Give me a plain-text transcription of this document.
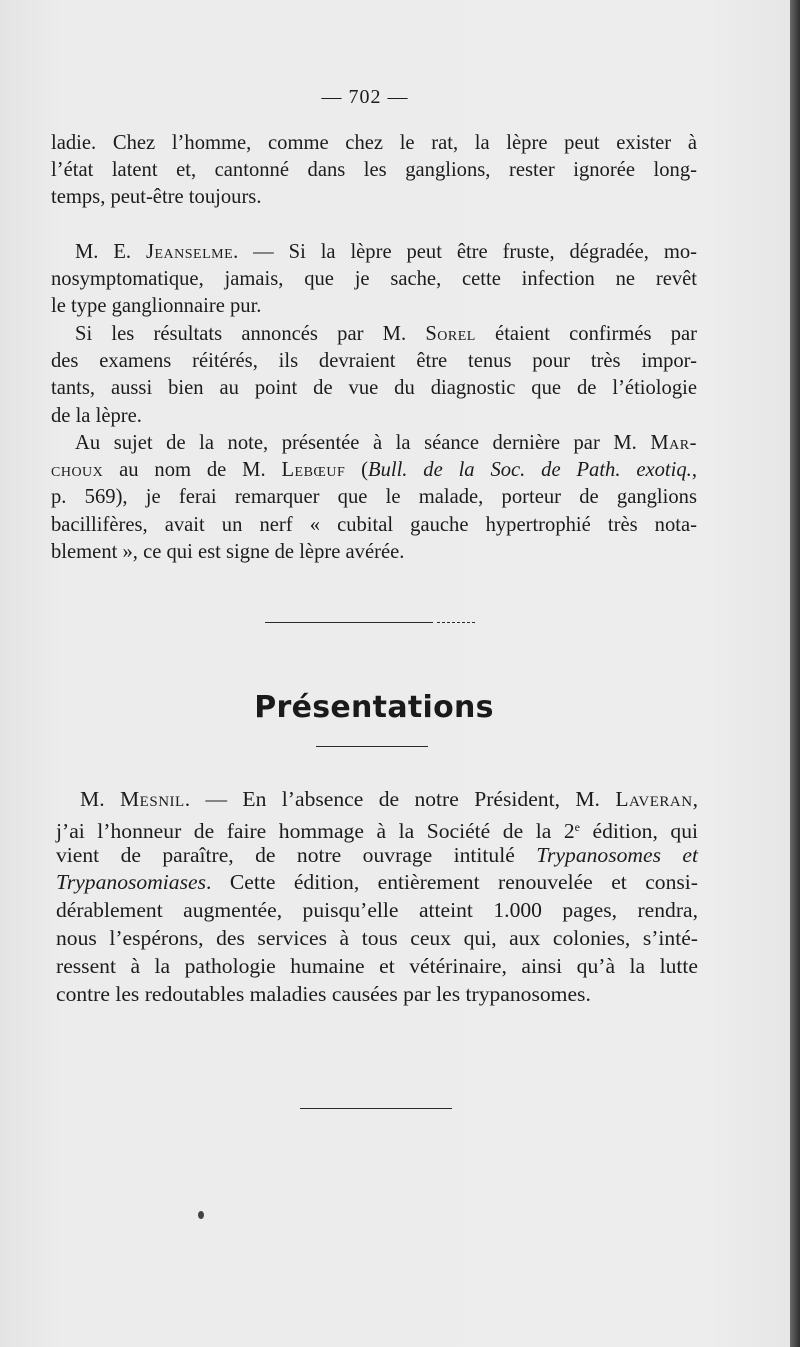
— 702 —
ladie. Chez l’homme, comme chez le rat, la lèpre peut exister à
l’état latent et, cantonné dans les ganglions, rester ignorée long-
temps, peut-être toujours.
M. E. Jeanselme. — Si la lèpre peut être fruste, dégradée, mo-
nosymptomatique, jamais, que je sache, cette infection ne revêt
le type ganglionnaire pur.
Si les résultats annoncés par M. Sorel étaient confirmés par
des examens réitérés, ils devraient être tenus pour très impor-
tants, aussi bien au point de vue du diagnostic que de l’étiologie
de la lèpre.
Au sujet de la note, présentée à la séance dernière par M. Mar-
choux au nom de M. Lebœuf (Bull. de la Soc. de Path. exotiq.,
p. 569), je ferai remarquer que le malade, porteur de ganglions
bacillifères, avait un nerf « cubital gauche hypertrophié très nota-
blement », ce qui est signe de lèpre avérée.
Présentations
M. Mesnil. — En l’absence de notre Président, M. Laveran,
j’ai l’honneur de faire hommage à la Société de la 2e édition, qui
vient de paraître, de notre ouvrage intitulé Trypanosomes et
Trypanosomiases. Cette édition, entièrement renouvelée et consi-
dérablement augmentée, puisqu’elle atteint 1.000 pages, rendra,
nous l’espérons, des services à tous ceux qui, aux colonies, s’inté-
ressent à la pathologie humaine et vétérinaire, ainsi qu’à la lutte
contre les redoutables maladies causées par les trypanosomes.
